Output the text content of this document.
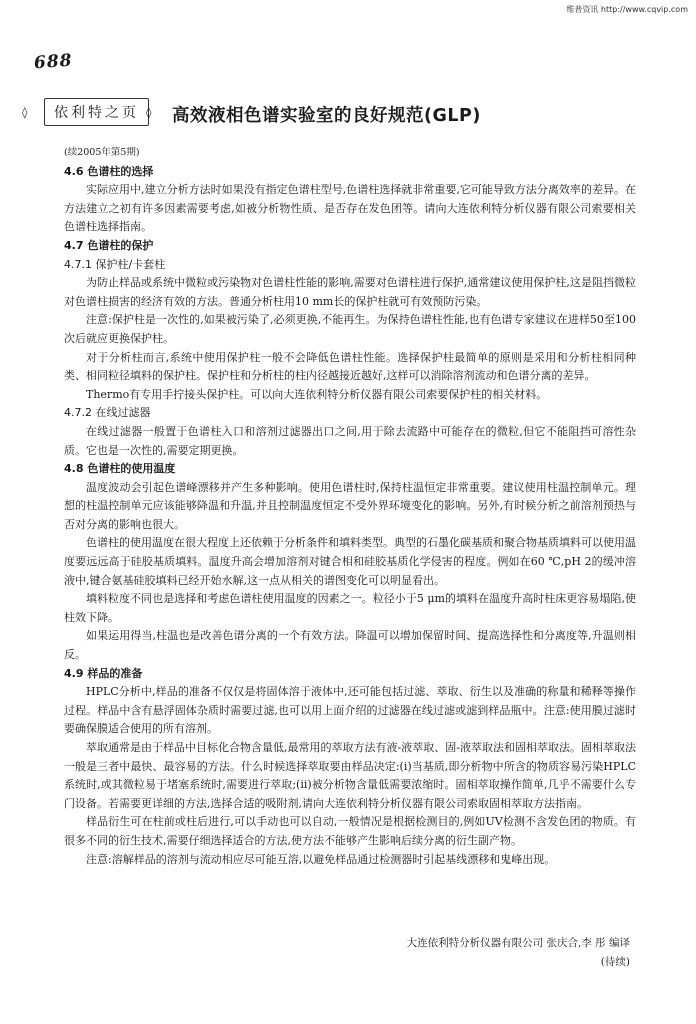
维普资讯 http://www.cqvip.com
688
◊	依利特之页 ◊ 高效液相色谱实验室的良好规范(GLP)

(续2005年第5期)

4.6 色谱柱的选择

实际应用中,建立分析方法时如果没有指定色谱柱型号,色谱柱选择就非常重要,它可能导致方法分离效率的差异。在方法建立之初有许多因素需要考虑,如被分析物性质、是否存在发色团等。请向大连依利特分析仪器有限公司索要相关色谱柱选择指南。

4.7 色谱柱的保护

4.7.1 保护柱/卡套柱

为防止样品或系统中微粒或污染物对色谱柱性能的影响,需要对色谱柱进行保护,通常建议使用保护柱,这是阻挡微粒对色谱柱损害的经济有效的方法。普通分析柱用10 mm长的保护柱就可有效预防污染。

注意:保护柱是一次性的,如果被污染了,必须更换,不能再生。为保持色谱柱性能,也有色谱专家建议在进样50至100次后就应更换保护柱。

对于分析柱而言,系统中使用保护柱一般不会降低色谱柱性能。选择保护柱最简单的原则是采用和分析柱相同种类、相同粒径填料的保护柱。保护柱和分析柱的柱内径越接近越好,这样可以消除溶剂流动和色谱分离的差异。

Thermo有专用手拧接头保护柱。可以向大连依利特分析仪器有限公司索要保护柱的相关材料。

4.7.2 在线过滤器

在线过滤器一般置于色谱柱入口和溶剂过滤器出口之间,用于除去流路中可能存在的微粒,但它不能阻挡可溶性杂质。它也是一次性的,需要定期更换。

4.8 色谱柱的使用温度

温度波动会引起色谱峰漂移并产生多种影响。使用色谱柱时,保持柱温恒定非常重要。建议使用柱温控制单元。理想的柱温控制单元应该能够降温和升温,并且控制温度恒定不受外界环境变化的影响。另外,有时候分析之前溶剂预热与否对分离的影响也很大。

色谱柱的使用温度在很大程度上还依赖于分析条件和填料类型。典型的石墨化碳基质和聚合物基质填料可以使用温度要远远高于硅胶基质填料。温度升高会增加溶剂对键合相和硅胶基质化学侵害的程度。例如在60 ℃,pH 2的缓冲溶液中,键合氨基硅胶填料已经开始水解,这一点从相关的谱图变化可以明显看出。

填料粒度不同也是选择和考虑色谱柱使用温度的因素之一。粒径小于5 μm的填料在温度升高时柱床更容易塌陷,使柱效下降。

如果运用得当,柱温也是改善色谱分离的一个有效方法。降温可以增加保留时间、提高选择性和分离度等,升温则相反。

4.9 样品的准备

HPLC分析中,样品的准备不仅仅是将固体溶于液体中,还可能包括过滤、萃取、衍生以及准确的称量和稀释等操作过程。样品中含有悬浮固体杂质时需要过滤,也可以用上面介绍的过滤器在线过滤或滤到样品瓶中。注意:使用膜过滤时要确保膜适合使用的所有溶剂。

萃取通常是由于样品中目标化合物含量低,最常用的萃取方法有液-液萃取、固-液萃取法和固相萃取法。固相萃取法一般是三者中最快、最容易的方法。什么时候选择萃取要由样品决定:(i)当基质,即分析物中所含的物质容易污染HPLC系统时,或其微粒易于堵塞系统时,需要进行萃取;(ii)被分析物含量低需要浓缩时。固相萃取操作简单,几乎不需要什么专门设备。若需要更详细的方法,选择合适的吸附剂,请向大连依利特分析仪器有限公司索取固相萃取方法指南。

样品衍生可在柱前或柱后进行,可以手动也可以自动,一般情况是根据检测目的,例如UV检测不含发色团的物质。有很多不同的衍生技术,需要仔细选择适合的方法,使方法不能够产生影响后续分离的衍生副产物。

注意:溶解样品的溶剂与流动相应尽可能互溶,以避免样品通过检测器时引起基线漂移和鬼峰出现。

大连依利特分析仪器有限公司 张庆合,李 彤 编译
(待续)
